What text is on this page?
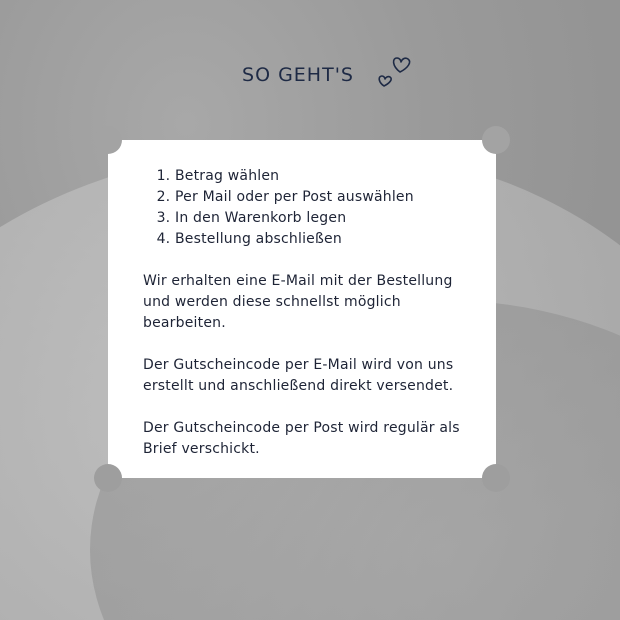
SO GEHT'S
1. Betrag wählen
2. Per Mail oder per Post auswählen
3. In den Warenkorb legen
4. Bestellung abschließen

Wir erhalten eine E-Mail mit der Bestellung und werden diese schnellst möglich bearbeiten.

Der Gutscheincode per E-Mail wird von uns erstellt und anschließend direkt versendet.

Der Gutscheincode per Post wird regulär als Brief verschickt.
